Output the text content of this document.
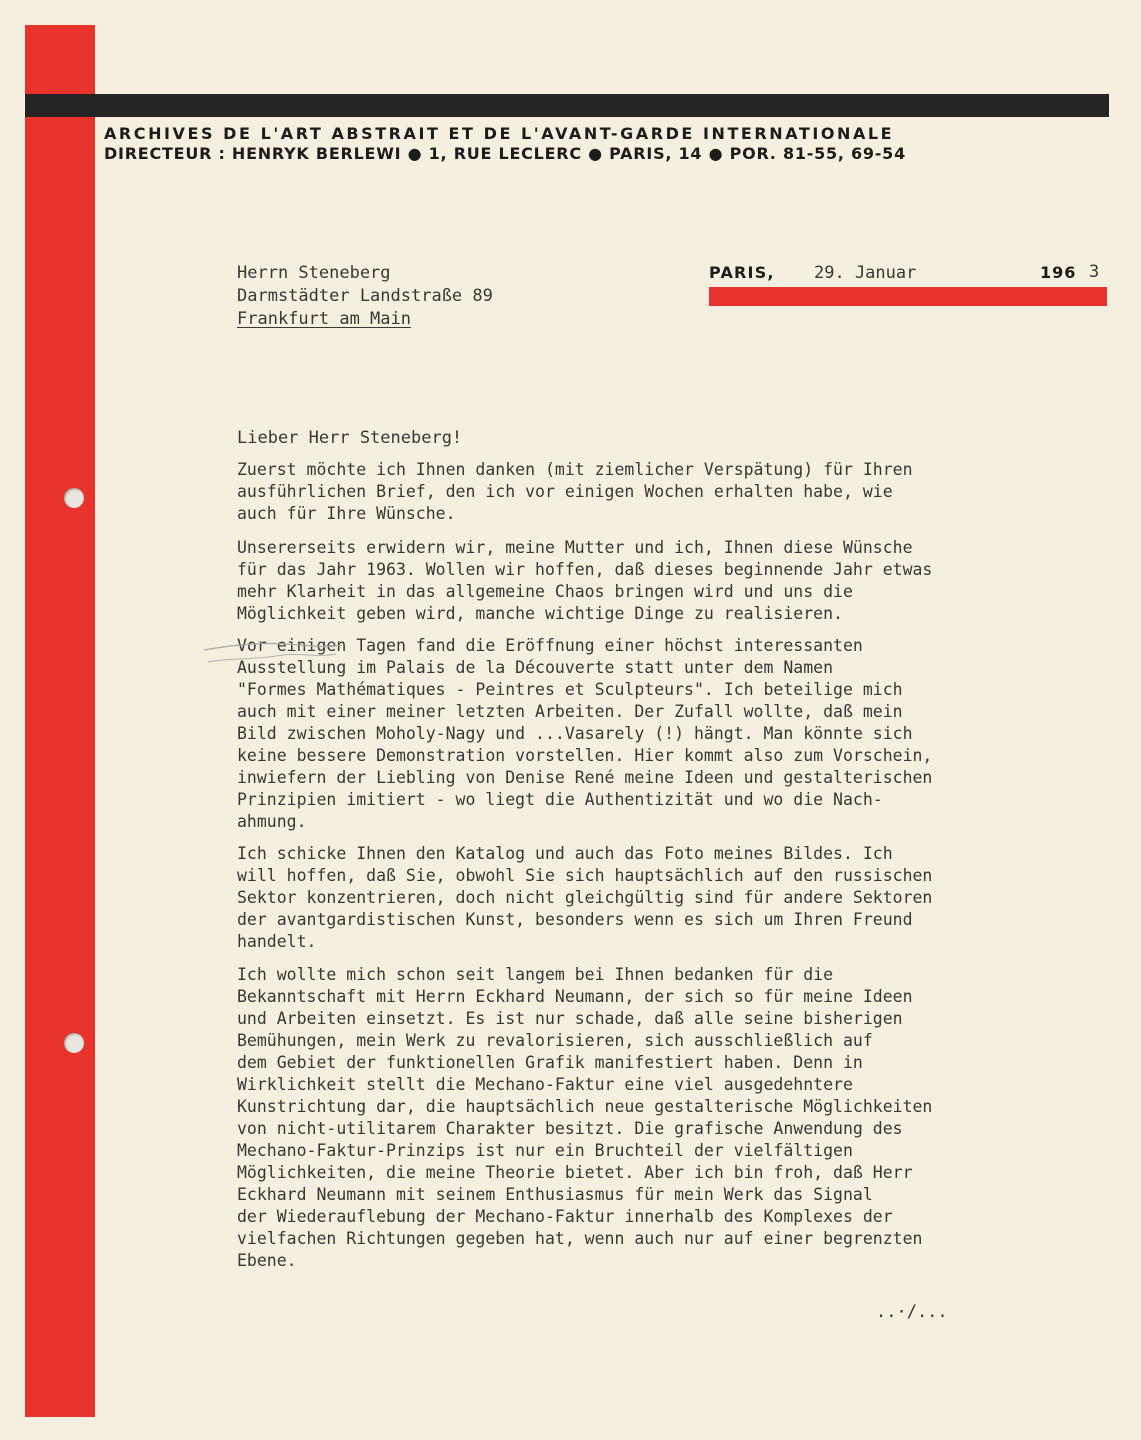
ARCHIVES DE L'ART ABSTRAIT ET DE L'AVANT-GARDE INTERNATIONALE
DIRECTEUR : HENRYK BERLEWI ● 1, RUE LECLERC ● PARIS, 14 ● POR. 81-55, 69-54
Herrn Steneberg
Darmstädter Landstraße 89
Frankfurt am Main
PARIS, 29. Januar	196 3
Lieber Herr Steneberg!
Zuerst möchte ich Ihnen danken (mit ziemlicher Verspätung) für Ihren
ausführlichen Brief, den ich vor einigen Wochen erhalten habe, wie
auch für Ihre Wünsche.
Unsererseits erwidern wir, meine Mutter und ich, Ihnen diese Wünsche
für das Jahr 1963. Wollen wir hoffen, daß dieses beginnende Jahr etwas
mehr Klarheit in das allgemeine Chaos bringen wird und uns die
Möglichkeit geben wird, manche wichtige Dinge zu realisieren.
Vor einigen Tagen fand die Eröffnung einer höchst interessanten
Ausstellung im Palais de la Découverte statt unter dem Namen
"Formes Mathématiques - Peintres et Sculpteurs". Ich beteilige mich
auch mit einer meiner letzten Arbeiten. Der Zufall wollte, daß mein
Bild zwischen Moholy-Nagy und ...Vasarely (!) hängt. Man könnte sich
keine bessere Demonstration vorstellen. Hier kommt also zum Vorschein,
inwiefern der Liebling von Denise René meine Ideen und gestalterischen
Prinzipien imitiert - wo liegt die Authentizität und wo die Nach-
ahmung.
Ich schicke Ihnen den Katalog und auch das Foto meines Bildes. Ich
will hoffen, daß Sie, obwohl Sie sich hauptsächlich auf den russischen
Sektor konzentrieren, doch nicht gleichgültig sind für andere Sektoren
der avantgardistischen Kunst, besonders wenn es sich um Ihren Freund
handelt.
Ich wollte mich schon seit langem bei Ihnen bedanken für die
Bekanntschaft mit Herrn Eckhard Neumann, der sich so für meine Ideen
und Arbeiten einsetzt. Es ist nur schade, daß alle seine bisherigen
Bemühungen, mein Werk zu revalorisieren, sich ausschließlich auf
dem Gebiet der funktionellen Grafik manifestiert haben. Denn in
Wirklichkeit stellt die Mechano-Faktur eine viel ausgedehntere
Kunstrichtung dar, die hauptsächlich neue gestalterische Möglichkeiten
von nicht-utilitarem Charakter besitzt. Die grafische Anwendung des
Mechano-Faktur-Prinzips ist nur ein Bruchteil der vielfältigen
Möglichkeiten, die meine Theorie bietet. Aber ich bin froh, daß Herr
Eckhard Neumann mit seinem Enthusiasmus für mein Werk das Signal
der Wiederauflebung der Mechano-Faktur innerhalb des Komplexes der
vielfachen Richtungen gegeben hat, wenn auch nur auf einer begrenzten
Ebene.
..·/...
